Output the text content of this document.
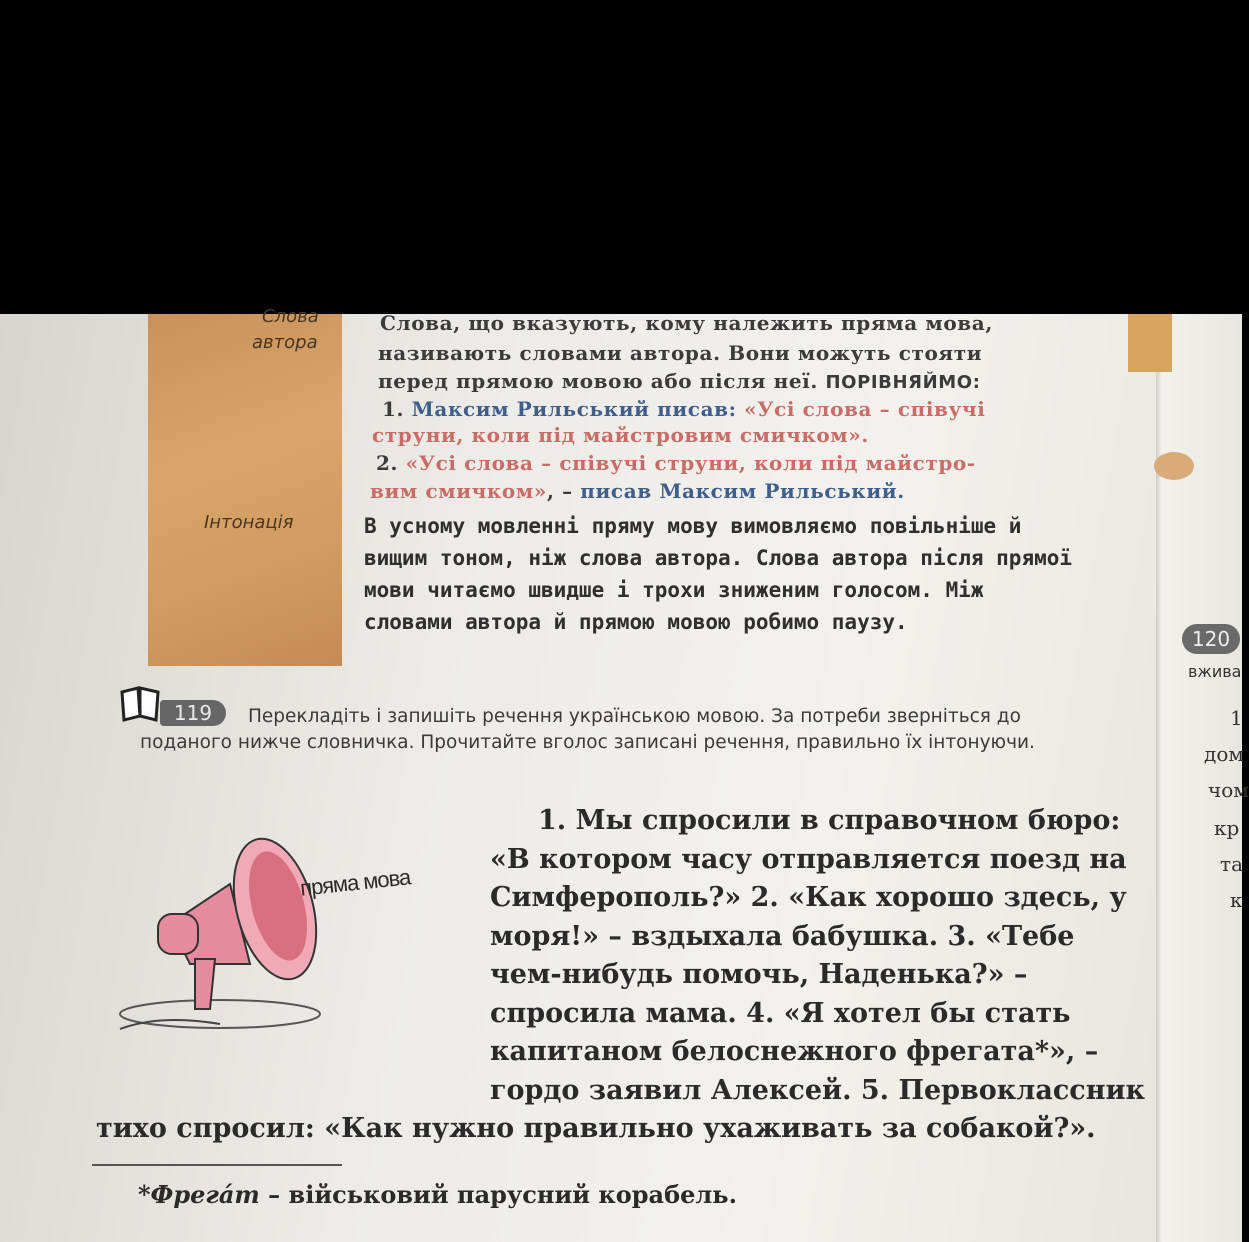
Слова
автора
Інтонація
Слова, що вказують, кому належить пряма мова,
називають словами автора. Вони можуть стояти
перед прямою мовою або після неї. ПОРІВНЯЙМО:
1. Максим Рильський писав: «Усі слова – співучі
струни, коли під майстровим смичком».
2. «Усі слова – співучі струни, коли під майстро-
вим смичком», – писав Максим Рильський.
В усному мовленні пряму мову вимовляємо повільніше й вищим тоном, ніж слова автора. Слова автора після прямої мови читаємо швидше і трохи зниженим голосом. Між словами автора й прямою мовою робимо паузу.
119	Перекладіть і запишіть речення українською мовою. За потреби зверніться до поданого нижче словничка. Прочитайте вголос записані речення, правильно їх інтонуючи.
пряма мова
1. Мы спросили в справочном бюро: «В котором часу отправляется поезд на Симферополь?» 2. «Как хорошо здесь, у моря!» – вздыхала бабушка. 3. «Тебе чем-нибудь помочь, Наденька?» – спросила мама. 4. «Я хотел бы стать капитаном белоснежного фрегата*», – гордо заявил Алексей. 5. Первоклассник тихо спросил: «Как нужно правильно ухаживать за собакой?».
*Фрегáт – військовий парусний корабель.
120
вжива
1
дом
чом
кр
та
к
